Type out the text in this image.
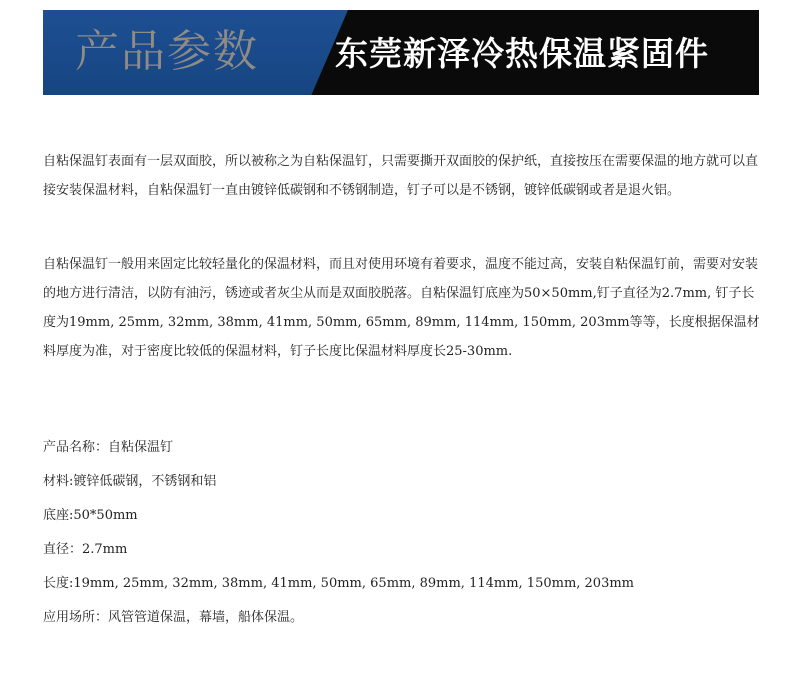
产品参数 东莞新泽冷热保温紧固件

自粘保温钉表面有一层双面胶，所以被称之为自粘保温钉，只需要撕开双面胶的保护纸，直接按压在需要保温的地方就可以直接安装保温材料，自粘保温钉一直由镀锌低碳钢和不锈钢制造，钉子可以是不锈钢，镀锌低碳钢或者是退火铝。

自粘保温钉一般用来固定比较轻量化的保温材料，而且对使用环境有着要求，温度不能过高，安装自粘保温钉前，需要对安装的地方进行清洁，以防有油污，锈迹或者灰尘从而是双面胶脱落。自粘保温钉底座为50×50mm,钉子直径为2.7mm, 钉子长度为19mm, 25mm, 32mm, 38mm, 41mm, 50mm, 65mm, 89mm, 114mm, 150mm, 203mm等等，长度根据保温材料厚度为准，对于密度比较低的保温材料，钉子长度比保温材料厚度长25-30mm.

产品名称：自粘保温钉
材料:镀锌低碳钢，不锈钢和铝
底座:50*50mm
直径：2.7mm
长度:19mm, 25mm, 32mm, 38mm, 41mm, 50mm, 65mm, 89mm, 114mm, 150mm, 203mm
应用场所：风管管道保温，幕墙，船体保温。
